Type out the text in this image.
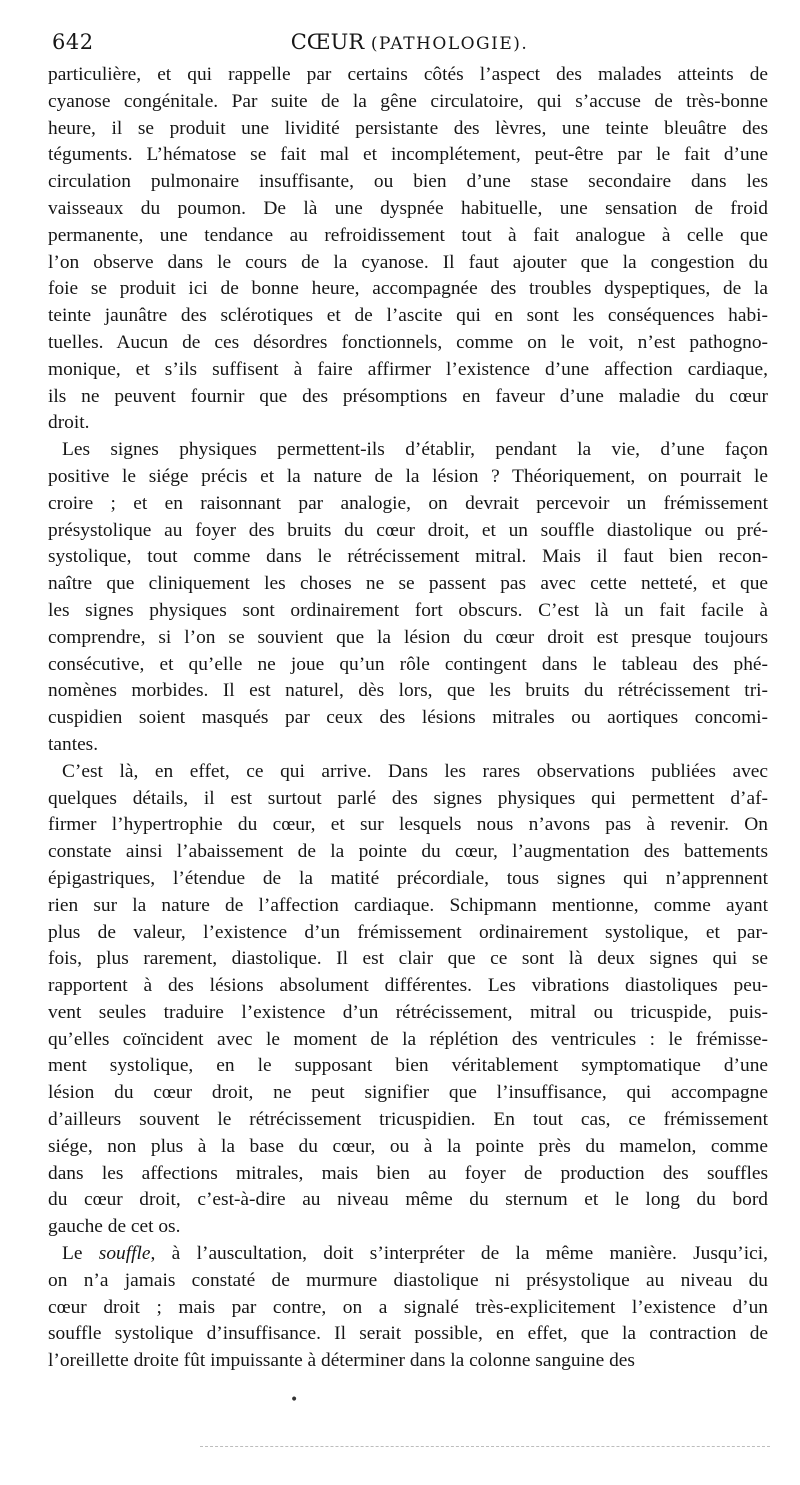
642	CŒUR (PATHOLOGIE).
particulière, et qui rappelle par certains côtés l’aspect des malades atteints de
cyanose congénitale. Par suite de la gêne circulatoire, qui s’accuse de très-bonne
heure, il se produit une lividité persistante des lèvres, une teinte bleuâtre des
téguments. L’hématose se fait mal et incomplétement, peut-être par le fait d’une
circulation pulmonaire insuffisante, ou bien d’une stase secondaire dans les
vaisseaux du poumon. De là une dyspnée habituelle, une sensation de froid
permanente, une tendance au refroidissement tout à fait analogue à celle que
l’on observe dans le cours de la cyanose. Il faut ajouter que la congestion du
foie se produit ici de bonne heure, accompagnée des troubles dyspeptiques, de la
teinte jaunâtre des sclérotiques et de l’ascite qui en sont les conséquences habi-
tuelles. Aucun de ces désordres fonctionnels, comme on le voit, n’est pathogno-
monique, et s’ils suffisent à faire affirmer l’existence d’une affection cardiaque,
ils ne peuvent fournir que des présomptions en faveur d’une maladie du cœur
droit.
Les signes physiques permettent-ils d’établir, pendant la vie, d’une façon
positive le siége précis et la nature de la lésion ? Théoriquement, on pourrait le
croire ; et en raisonnant par analogie, on devrait percevoir un frémissement
présystolique au foyer des bruits du cœur droit, et un souffle diastolique ou pré-
systolique, tout comme dans le rétrécissement mitral. Mais il faut bien recon-
naître que cliniquement les choses ne se passent pas avec cette netteté, et que
les signes physiques sont ordinairement fort obscurs. C’est là un fait facile à
comprendre, si l’on se souvient que la lésion du cœur droit est presque toujours
consécutive, et qu’elle ne joue qu’un rôle contingent dans le tableau des phé-
nomènes morbides. Il est naturel, dès lors, que les bruits du rétrécissement tri-
cuspidien soient masqués par ceux des lésions mitrales ou aortiques concomi-
tantes.
C’est là, en effet, ce qui arrive. Dans les rares observations publiées avec
quelques détails, il est surtout parlé des signes physiques qui permettent d’af-
firmer l’hypertrophie du cœur, et sur lesquels nous n’avons pas à revenir. On
constate ainsi l’abaissement de la pointe du cœur, l’augmentation des battements
épigastriques, l’étendue de la matité précordiale, tous signes qui n’apprennent
rien sur la nature de l’affection cardiaque. Schipmann mentionne, comme ayant
plus de valeur, l’existence d’un frémissement ordinairement systolique, et par-
fois, plus rarement, diastolique. Il est clair que ce sont là deux signes qui se
rapportent à des lésions absolument différentes. Les vibrations diastoliques peu-
vent seules traduire l’existence d’un rétrécissement, mitral ou tricuspide, puis-
qu’elles coïncident avec le moment de la réplétion des ventricules : le frémisse-
ment systolique, en le supposant bien véritablement symptomatique d’une
lésion du cœur droit, ne peut signifier que l’insuffisance, qui accompagne
d’ailleurs souvent le rétrécissement tricuspidien. En tout cas, ce frémissement
siége, non plus à la base du cœur, ou à la pointe près du mamelon, comme
dans les affections mitrales, mais bien au foyer de production des souffles
du cœur droit, c’est-à-dire au niveau même du sternum et le long du bord
gauche de cet os.
Le souffle, à l’auscultation, doit s’interpréter de la même manière. Jusqu’ici,
on n’a jamais constaté de murmure diastolique ni présystolique au niveau du
cœur droit ; mais par contre, on a signalé très-explicitement l’existence d’un
souffle systolique d’insuffisance. Il serait possible, en effet, que la contraction de
l’oreillette droite fût impuissante à déterminer dans la colonne sanguine des
•
